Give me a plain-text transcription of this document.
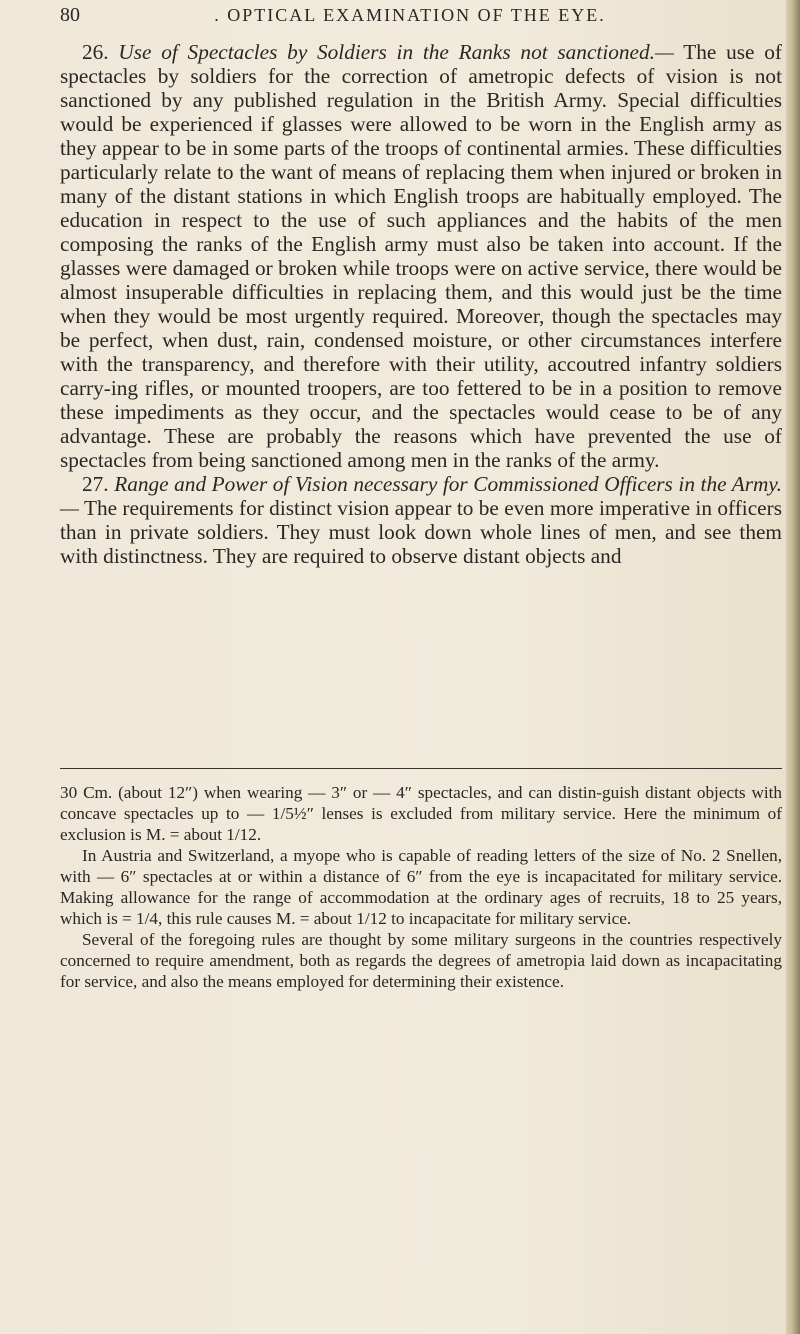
80	. OPTICAL EXAMINATION OF THE EYE.

26. Use of Spectacles by Soldiers in the Ranks not sanctioned.— The use of spectacles by soldiers for the correction of ametropic defects of vision is not sanctioned by any published regulation in the British Army. Special difficulties would be experienced if glasses were allowed to be worn in the English army as they appear to be in some parts of the troops of continental armies. These difficulties particularly relate to the want of means of replacing them when injured or broken in many of the distant stations in which English troops are habitually employed. The education in respect to the use of such appliances and the habits of the men composing the ranks of the English army must also be taken into account. If the glasses were damaged or broken while troops were on active service, there would be almost insuperable difficulties in replacing them, and this would just be the time when they would be most urgently required. Moreover, though the spectacles may be perfect, when dust, rain, condensed moisture, or other circumstances interfere with the transparency, and therefore with their utility, accoutred infantry soldiers carry-ing rifles, or mounted troopers, are too fettered to be in a position to remove these impediments as they occur, and the spectacles would cease to be of any advantage. These are probably the reasons which have prevented the use of spectacles from being sanctioned among men in the ranks of the army.

27. Range and Power of Vision necessary for Commissioned Officers in the Army.— The requirements for distinct vision appear to be even more imperative in officers than in private soldiers. They must look down whole lines of men, and see them with distinctness. They are required to observe distant objects and

30 Cm. (about 12″) when wearing — 3″ or — 4″ spectacles, and can distin-guish distant objects with concave spectacles up to — 1/5½″ lenses is excluded from military service. Here the minimum of exclusion is M. = about 1/12.

In Austria and Switzerland, a myope who is capable of reading letters of the size of No. 2 Snellen, with — 6″ spectacles at or within a distance of 6″ from the eye is incapacitated for military service. Making allowance for the range of accommodation at the ordinary ages of recruits, 18 to 25 years, which is = 1/4, this rule causes M. = about 1/12 to incapacitate for military service.

Several of the foregoing rules are thought by some military surgeons in the countries respectively concerned to require amendment, both as regards the degrees of ametropia laid down as incapacitating for service, and also the means employed for determining their existence.
